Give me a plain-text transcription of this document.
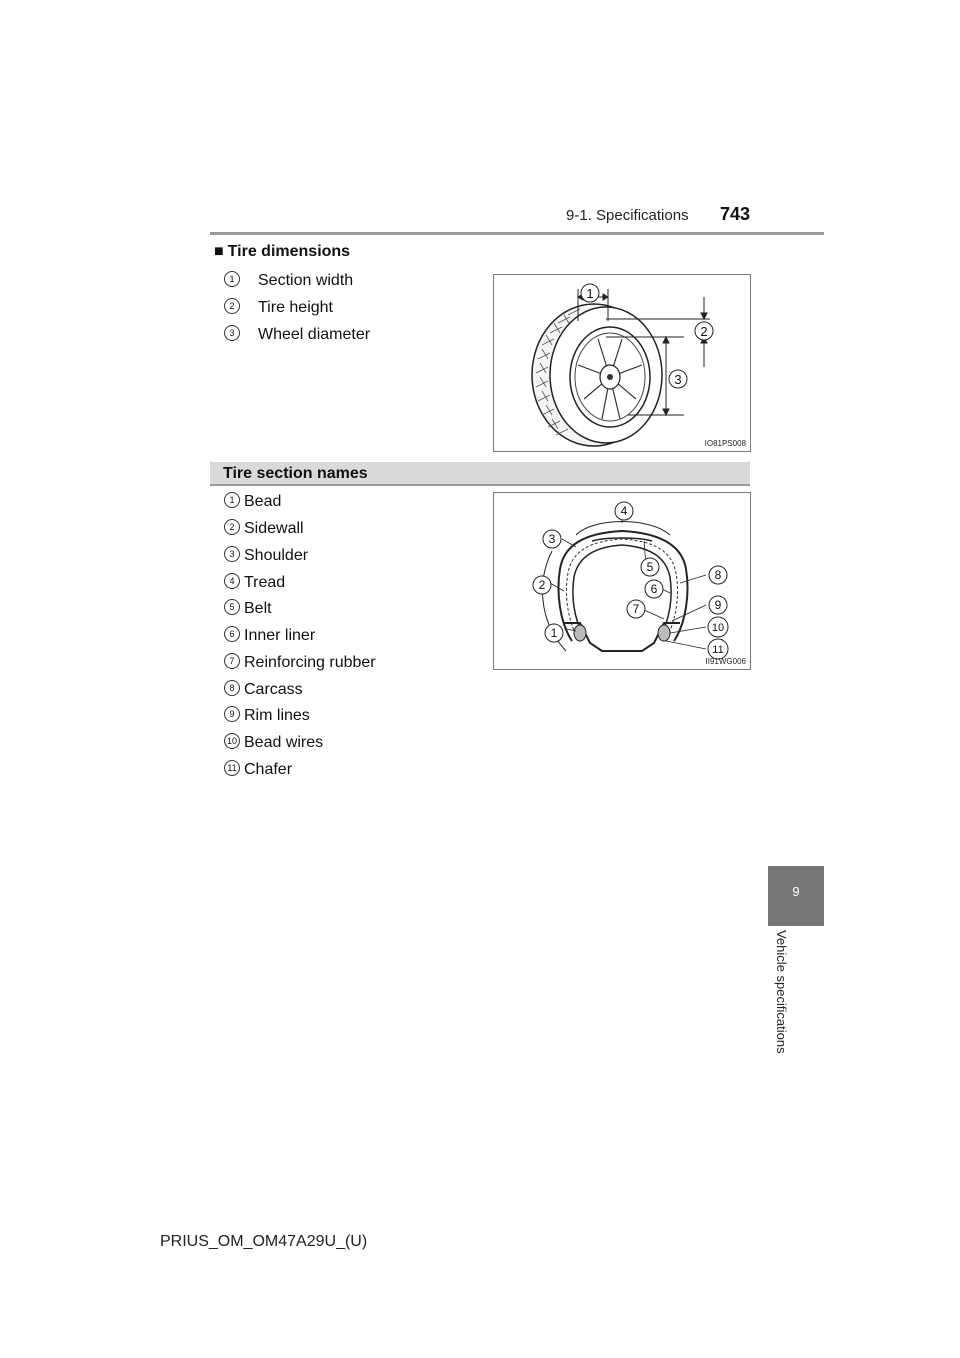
9-1. Specifications 743
9
Vehicle specifications
■ Tire dimensions
1 Section width
2 Tire height
3 Wheel diameter
1
2
3
IO81PS008
Tire section names
1 Bead
2 Sidewall
3 Shoulder
4 Tread
5 Belt
6 Inner liner
7 Reinforcing rubber
8 Carcass
9 Rim lines
10 Bead wires
11 Chafer
1
2
3
4
5
6
7
8
9
10
11
II91WG006
PRIUS_OM_OM47A29U_(U)
